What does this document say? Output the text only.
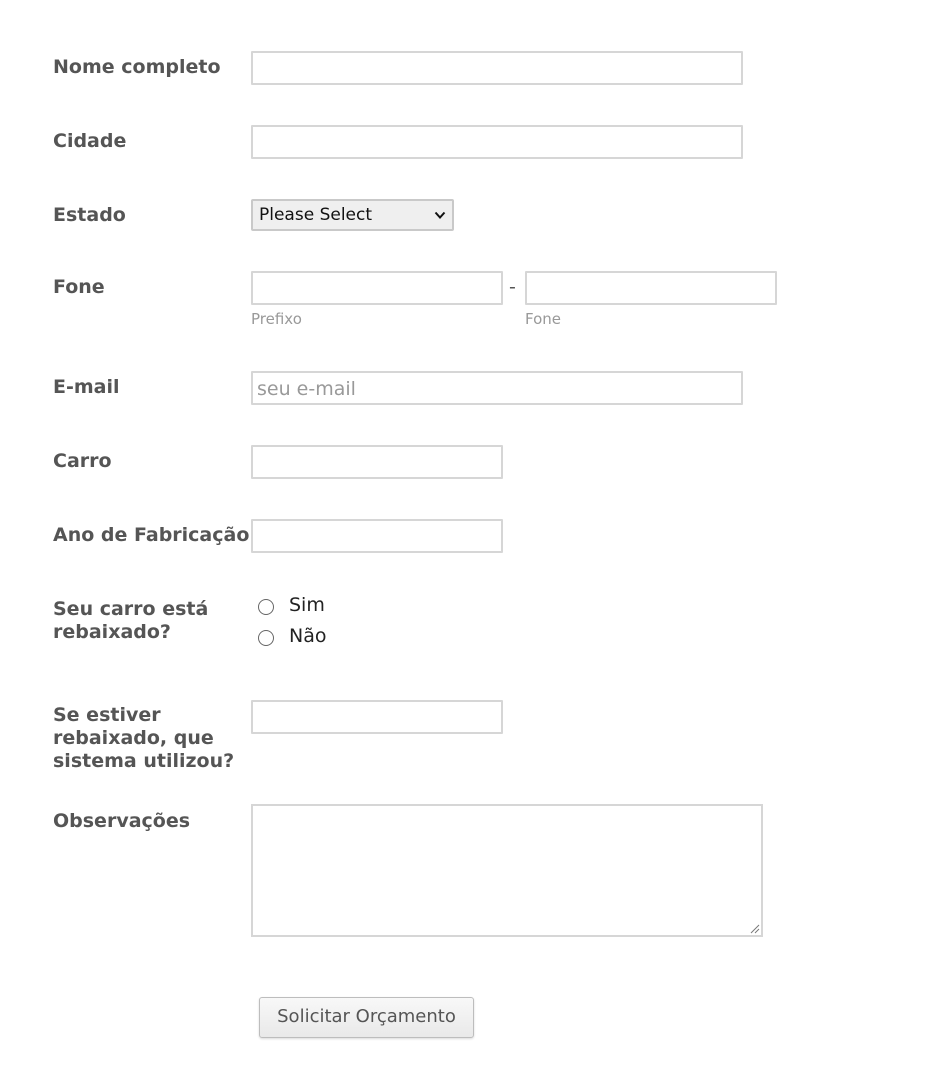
Nome completo
Cidade
Estado	Please Select
Fone	-
Prefixo	Fone
E-mail	seu e-mail
Carro
Ano de Fabricação
Seu carro está rebaixado?
Sim
Não
Se estiver rebaixado, que sistema utilizou?
Observações
Solicitar Orçamento
